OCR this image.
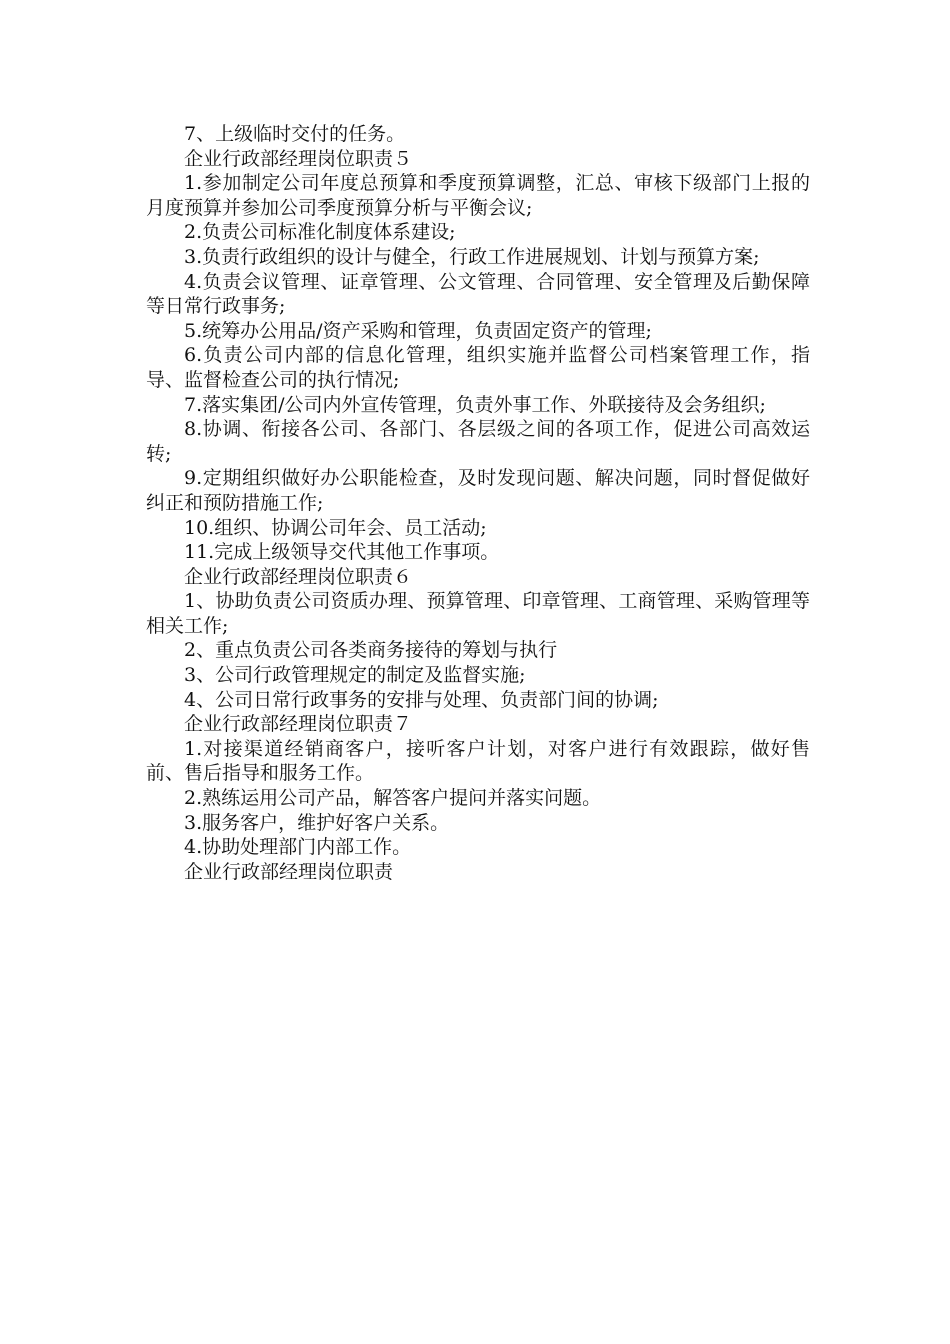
7、上级临时交付的任务。

企业行政部经理岗位职责５

1.参加制定公司年度总预算和季度预算调整，汇总、审核下级部门上报的月度预算并参加公司季度预算分析与平衡会议;

2.负责公司标准化制度体系建设;

3.负责行政组织的设计与健全，行政工作进展规划、计划与预算方案;

4.负责会议管理、证章管理、公文管理、合同管理、安全管理及后勤保障等日常行政事务;

5.统筹办公用品/资产采购和管理，负责固定资产的管理;

6.负责公司内部的信息化管理，组织实施并监督公司档案管理工作，指导、监督检查公司的执行情况;

7.落实集团/公司内外宣传管理，负责外事工作、外联接待及会务组织;

8.协调、衔接各公司、各部门、各层级之间的各项工作，促进公司高效运转;

9.定期组织做好办公职能检查，及时发现问题、解决问题，同时督促做好纠正和预防措施工作;

10.组织、协调公司年会、员工活动;

11.完成上级领导交代其他工作事项。

企业行政部经理岗位职责６

1、协助负责公司资质办理、预算管理、印章管理、工商管理、采购管理等相关工作;

2、重点负责公司各类商务接待的筹划与执行

3、公司行政管理规定的制定及监督实施;

4、公司日常行政事务的安排与处理、负责部门间的协调;

企业行政部经理岗位职责７

1.对接渠道经销商客户，接听客户计划，对客户进行有效跟踪，做好售前、售后指导和服务工作。

2.熟练运用公司产品，解答客户提问并落实问题。

3.服务客户，维护好客户关系。

4.协助处理部门内部工作。

企业行政部经理岗位职责
